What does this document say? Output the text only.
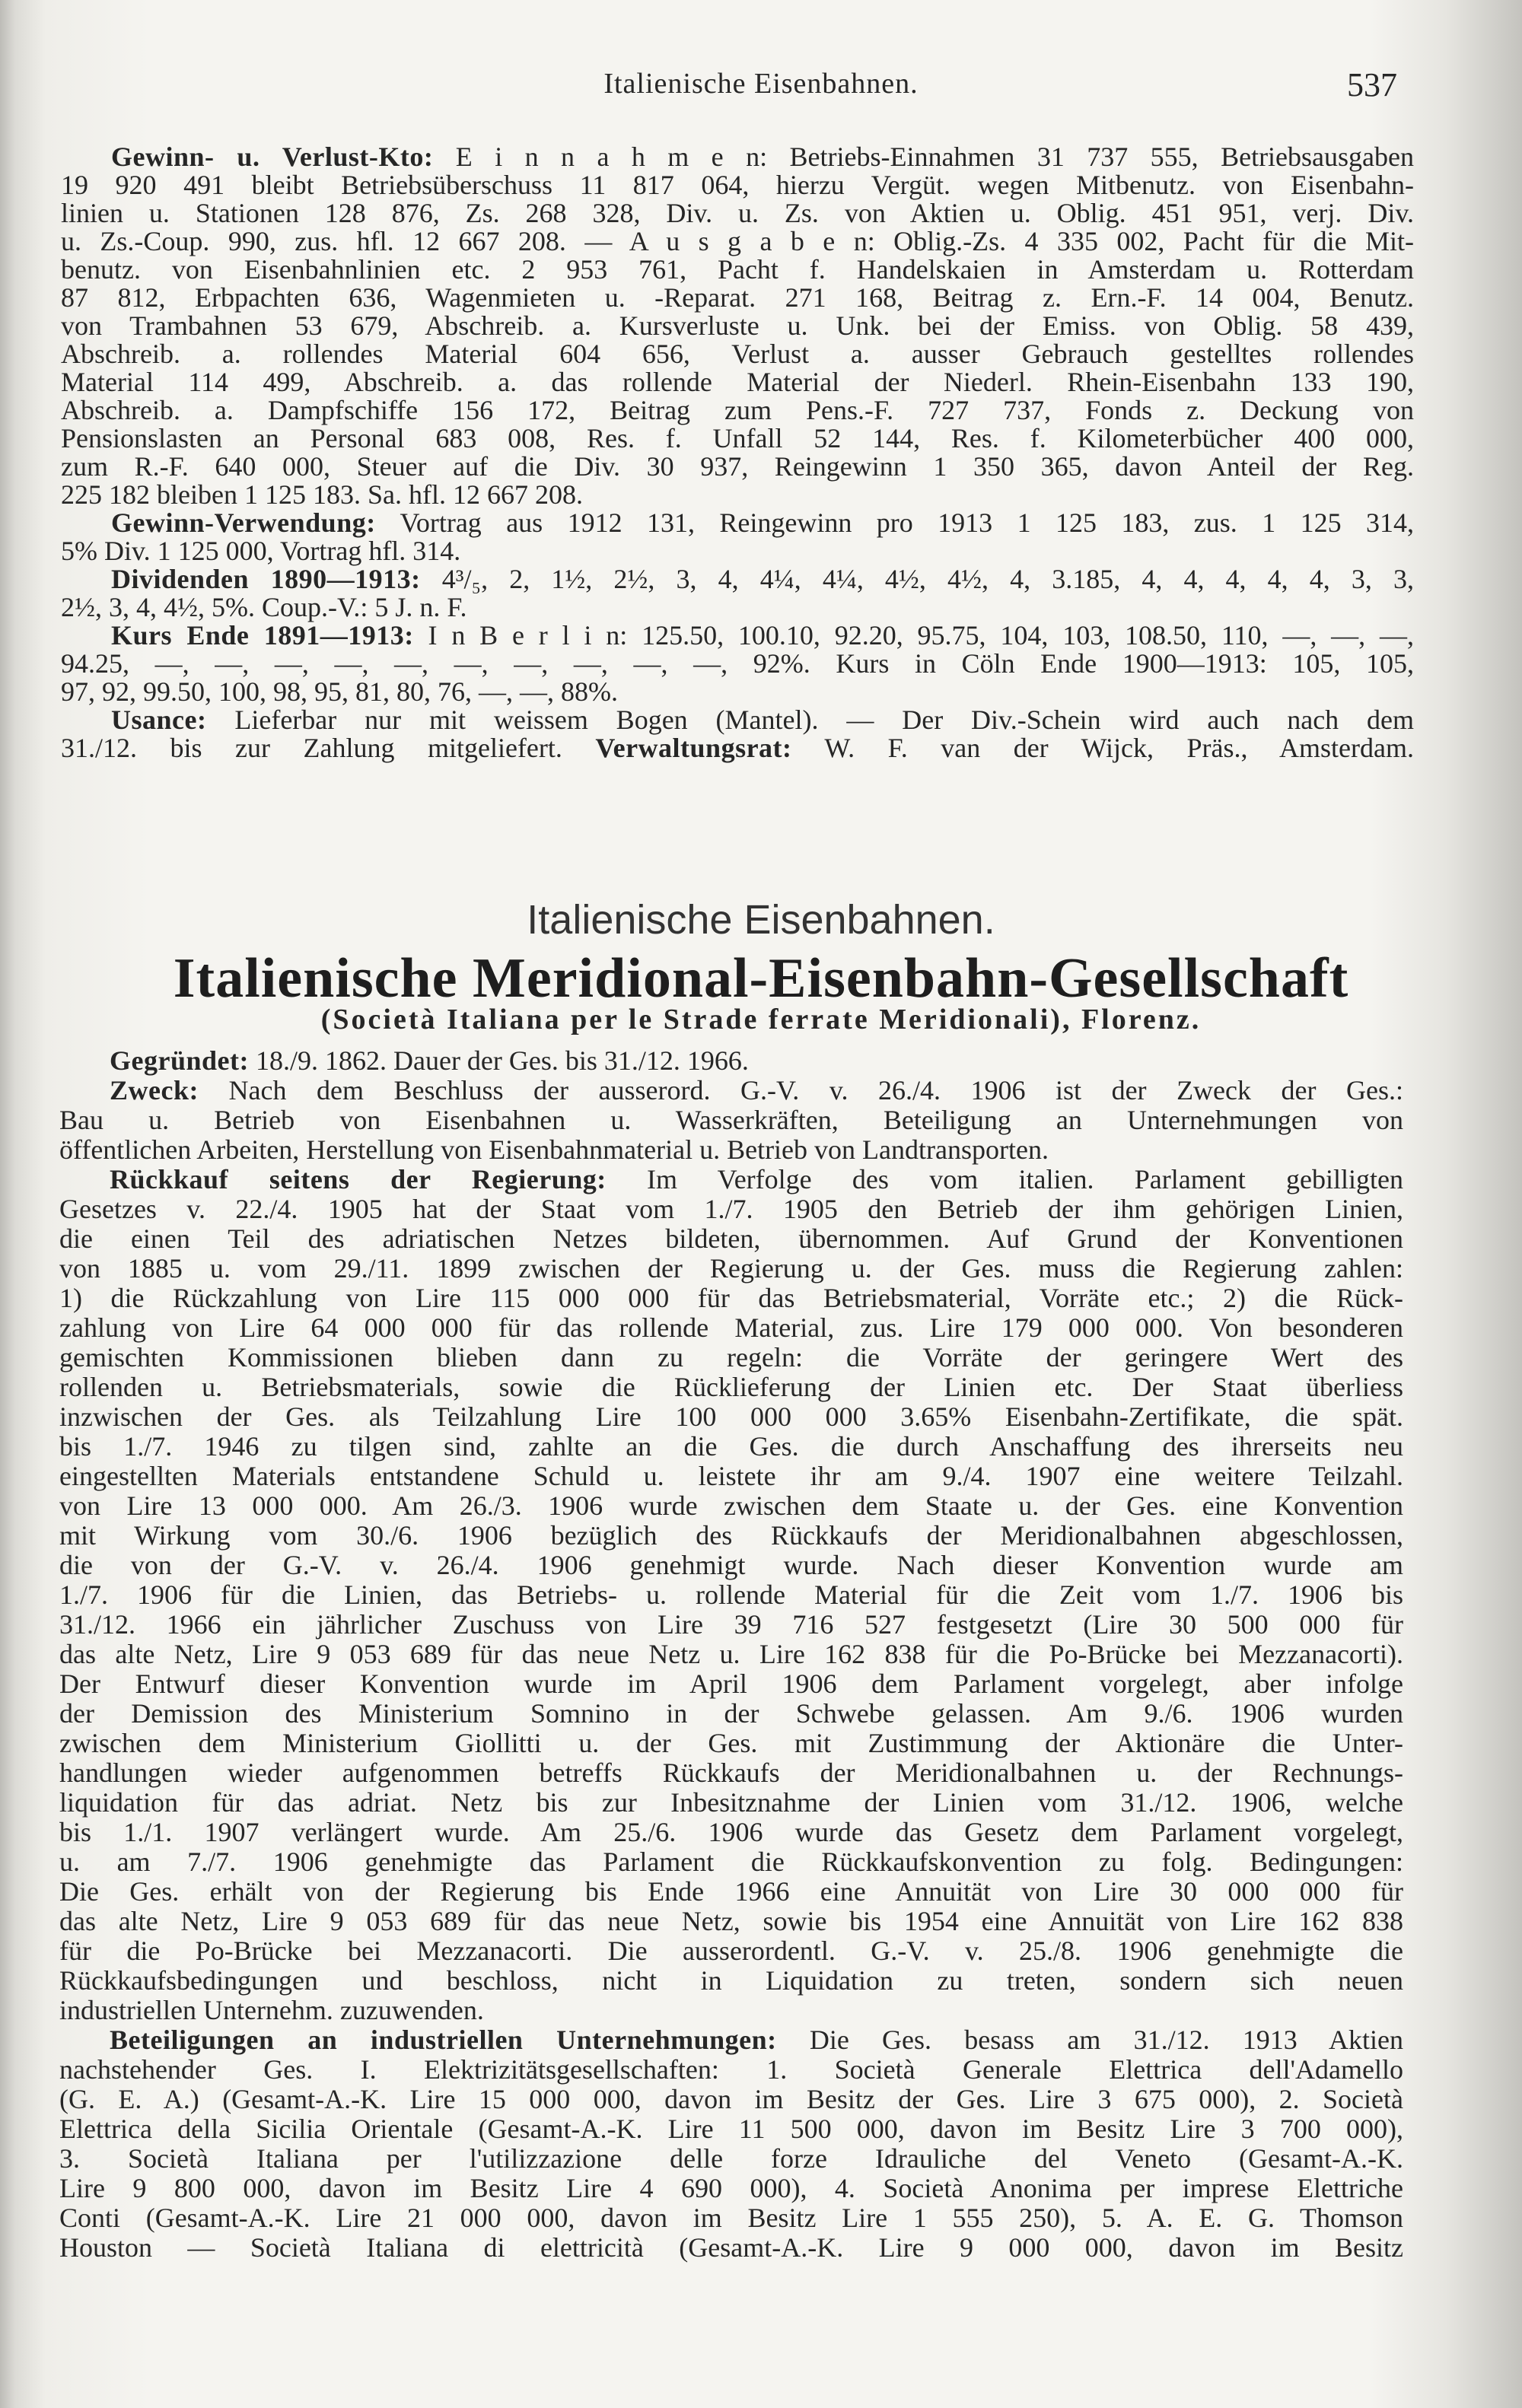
Italienische Eisenbahnen.	537
Gewinn- u. Verlust-Kto: E i n n a h m e n: Betriebs-Einnahmen 31 737 555, Betriebsausgaben
19 920 491 bleibt Betriebsüberschuss 11 817 064, hierzu Vergüt. wegen Mitbenutz. von Eisenbahn-
linien u. Stationen 128 876, Zs. 268 328, Div. u. Zs. von Aktien u. Oblig. 451 951, verj. Div.
u. Zs.-Coup. 990, zus. hfl. 12 667 208. — A u s g a b e n: Oblig.-Zs. 4 335 002, Pacht für die Mit-
benutz. von Eisenbahnlinien etc. 2 953 761, Pacht f. Handelskaien in Amsterdam u. Rotterdam
87 812, Erbpachten 636, Wagenmieten u. -Reparat. 271 168, Beitrag z. Ern.-F. 14 004, Benutz.
von Trambahnen 53 679, Abschreib. a. Kursverluste u. Unk. bei der Emiss. von Oblig. 58 439,
Abschreib. a. rollendes Material 604 656, Verlust a. ausser Gebrauch gestelltes rollendes
Material 114 499, Abschreib. a. das rollende Material der Niederl. Rhein-Eisenbahn 133 190,
Abschreib. a. Dampfschiffe 156 172, Beitrag zum Pens.-F. 727 737, Fonds z. Deckung von
Pensionslasten an Personal 683 008, Res. f. Unfall 52 144, Res. f. Kilometerbücher 400 000,
zum R.-F. 640 000, Steuer auf die Div. 30 937, Reingewinn 1 350 365, davon Anteil der Reg.
225 182 bleiben 1 125 183. Sa. hfl. 12 667 208.
Gewinn-Verwendung: Vortrag aus 1912 131, Reingewinn pro 1913 1 125 183, zus. 1 125 314,
5% Div. 1 125 000, Vortrag hfl. 314.
Dividenden 1890—1913: 4³/₅, 2, 1½, 2½, 3, 4, 4¼, 4¼, 4½, 4½, 4, 3.185, 4, 4, 4, 4, 4, 3, 3,
2½, 3, 4, 4½, 5%. Coup.-V.: 5 J. n. F.
Kurs Ende 1891—1913: I n B e r l i n: 125.50, 100.10, 92.20, 95.75, 104, 103, 108.50, 110, —, —, —,
94.25, —, —, —, —, —, —, —, —, —, —, 92%. Kurs in Cöln Ende 1900—1913: 105, 105,
97, 92, 99.50, 100, 98, 95, 81, 80, 76, —, —, 88%.
Usance: Lieferbar nur mit weissem Bogen (Mantel). — Der Div.-Schein wird auch nach dem
31./12. bis zur Zahlung mitgeliefert. Verwaltungsrat: W. F. van der Wijck, Präs., Amsterdam.
Italienische Eisenbahnen.
Italienische Meridional-Eisenbahn-Gesellschaft
(Società Italiana per le Strade ferrate Meridionali), Florenz.
Gegründet: 18./9. 1862. Dauer der Ges. bis 31./12. 1966.
Zweck: Nach dem Beschluss der ausserord. G.-V. v. 26./4. 1906 ist der Zweck der Ges.:
Bau u. Betrieb von Eisenbahnen u. Wasserkräften, Beteiligung an Unternehmungen von
öffentlichen Arbeiten, Herstellung von Eisenbahnmaterial u. Betrieb von Landtransporten.
Rückkauf seitens der Regierung: Im Verfolge des vom italien. Parlament gebilligten
Gesetzes v. 22./4. 1905 hat der Staat vom 1./7. 1905 den Betrieb der ihm gehörigen Linien,
die einen Teil des adriatischen Netzes bildeten, übernommen. Auf Grund der Konventionen
von 1885 u. vom 29./11. 1899 zwischen der Regierung u. der Ges. muss die Regierung zahlen:
1) die Rückzahlung von Lire 115 000 000 für das Betriebsmaterial, Vorräte etc.; 2) die Rück-
zahlung von Lire 64 000 000 für das rollende Material, zus. Lire 179 000 000. Von besonderen
gemischten Kommissionen blieben dann zu regeln: die Vorräte der geringere Wert des
rollenden u. Betriebsmaterials, sowie die Rücklieferung der Linien etc. Der Staat überliess
inzwischen der Ges. als Teilzahlung Lire 100 000 000 3.65% Eisenbahn-Zertifikate, die spät.
bis 1./7. 1946 zu tilgen sind, zahlte an die Ges. die durch Anschaffung des ihrerseits neu
eingestellten Materials entstandene Schuld u. leistete ihr am 9./4. 1907 eine weitere Teilzahl.
von Lire 13 000 000. Am 26./3. 1906 wurde zwischen dem Staate u. der Ges. eine Konvention
mit Wirkung vom 30./6. 1906 bezüglich des Rückkaufs der Meridionalbahnen abgeschlossen,
die von der G.-V. v. 26./4. 1906 genehmigt wurde. Nach dieser Konvention wurde am
1./7. 1906 für die Linien, das Betriebs- u. rollende Material für die Zeit vom 1./7. 1906 bis
31./12. 1966 ein jährlicher Zuschuss von Lire 39 716 527 festgesetzt (Lire 30 500 000 für
das alte Netz, Lire 9 053 689 für das neue Netz u. Lire 162 838 für die Po-Brücke bei Mezzanacorti).
Der Entwurf dieser Konvention wurde im April 1906 dem Parlament vorgelegt, aber infolge
der Demission des Ministerium Somnino in der Schwebe gelassen. Am 9./6. 1906 wurden
zwischen dem Ministerium Giollitti u. der Ges. mit Zustimmung der Aktionäre die Unter-
handlungen wieder aufgenommen betreffs Rückkaufs der Meridionalbahnen u. der Rechnungs-
liquidation für das adriat. Netz bis zur Inbesitznahme der Linien vom 31./12. 1906, welche
bis 1./1. 1907 verlängert wurde. Am 25./6. 1906 wurde das Gesetz dem Parlament vorgelegt,
u. am 7./7. 1906 genehmigte das Parlament die Rückkaufskonvention zu folg. Bedingungen:
Die Ges. erhält von der Regierung bis Ende 1966 eine Annuität von Lire 30 000 000 für
das alte Netz, Lire 9 053 689 für das neue Netz, sowie bis 1954 eine Annuität von Lire 162 838
für die Po-Brücke bei Mezzanacorti. Die ausserordentl. G.-V. v. 25./8. 1906 genehmigte die
Rückkaufsbedingungen und beschloss, nicht in Liquidation zu treten, sondern sich neuen
industriellen Unternehm. zuzuwenden.
Beteiligungen an industriellen Unternehmungen: Die Ges. besass am 31./12. 1913 Aktien
nachstehender Ges. I. Elektrizitätsgesellschaften: 1. Società Generale Elettrica dell'Adamello
(G. E. A.) (Gesamt-A.-K. Lire 15 000 000, davon im Besitz der Ges. Lire 3 675 000), 2. Società
Elettrica della Sicilia Orientale (Gesamt-A.-K. Lire 11 500 000, davon im Besitz Lire 3 700 000),
3. Società Italiana per l'utilizzazione delle forze Idrauliche del Veneto (Gesamt-A.-K.
Lire 9 800 000, davon im Besitz Lire 4 690 000), 4. Società Anonima per imprese Elettriche
Conti (Gesamt-A.-K. Lire 21 000 000, davon im Besitz Lire 1 555 250), 5. A. E. G. Thomson
Houston — Società Italiana di elettricità (Gesamt-A.-K. Lire 9 000 000, davon im Besitz
